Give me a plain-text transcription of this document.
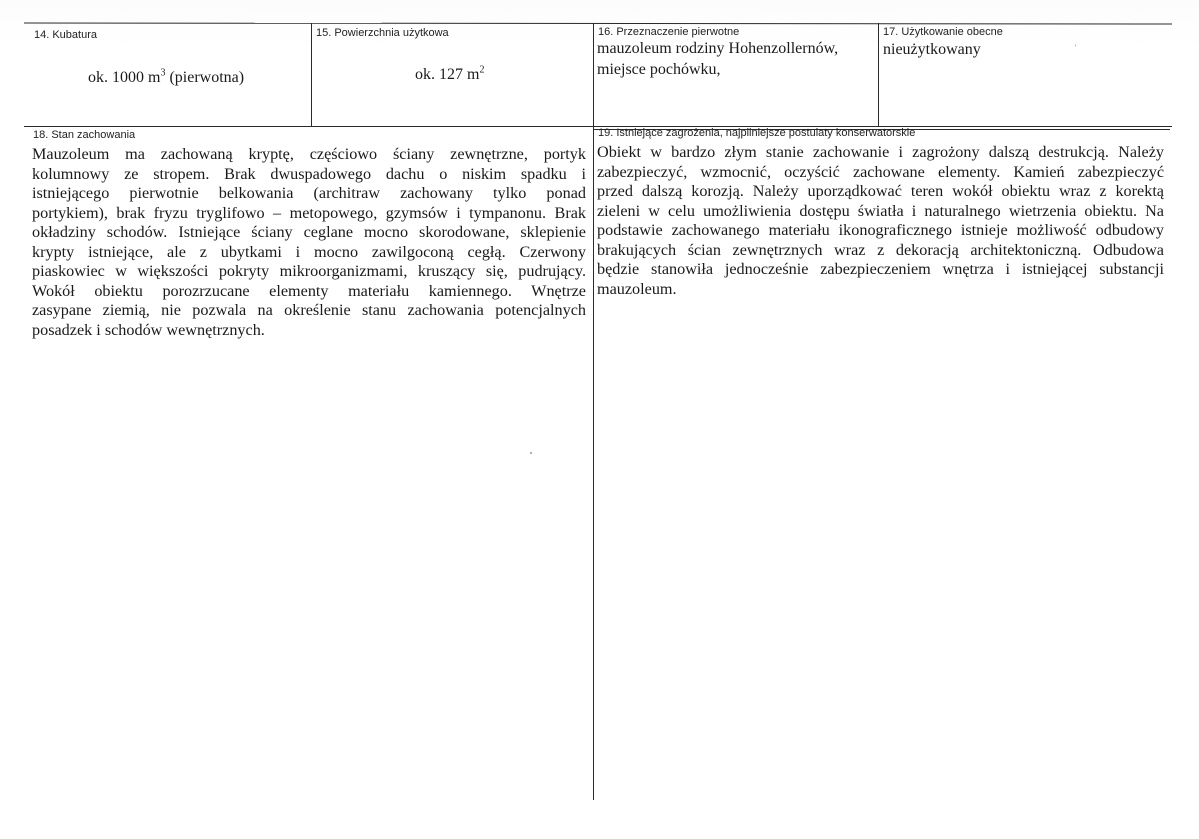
14. Kubatura
ok. 1000 $m^3$ (pierwotna)
15. Powierzchnia użytkowa
ok. 127 $m^2$
16. Przeznaczenie pierwotne
mauzoleum rodziny Hohenzollernów,
miejsce pochówku,
17. Użytkowanie obecne
nieużytkowany
18. Stan zachowania
Mauzoleum ma zachowaną kryptę, częściowo ściany zewnętrzne, portyk
kolumnowy ze stropem. Brak dwuspadowego dachu o niskim spadku i
istniejącego pierwotnie belkowania (architraw zachowany tylko ponad
portykiem), brak fryzu tryglifowo – metopowego, gzymsów i tympanonu. Brak
okładziny schodów. Istniejące ściany ceglane mocno skorodowane, sklepienie
krypty istniejące, ale z ubytkami i mocno zawilgoconą cegłą. Czerwony
piaskowiec w większości pokryty mikroorganizmami, kruszący się, pudrujący.
Wokół obiektu porozrzucane elementy materiału kamiennego. Wnętrze
zasypane ziemią, nie pozwala na określenie stanu zachowania potencjalnych
posadzek i schodów wewnętrznych.
19. Istniejące zagrożenia, najpilniejsze postulaty konserwatorskie
Obiekt w bardzo złym stanie zachowanie i zagrożony dalszą destrukcją. Należy
zabezpieczyć, wzmocnić, oczyścić zachowane elementy. Kamień zabezpieczyć
przed dalszą korozją. Należy uporządkować teren wokół obiektu wraz z korektą
zieleni w celu umożliwienia dostępu światła i naturalnego wietrzenia obiektu. Na
podstawie zachowanego materiału ikonograficznego istnieje możliwość odbudowy
brakujących ścian zewnętrznych wraz z dekoracją architektoniczną. Odbudowa
będzie stanowiła jednocześnie zabezpieczeniem wnętrza i istniejącej substancji
mauzoleum.
